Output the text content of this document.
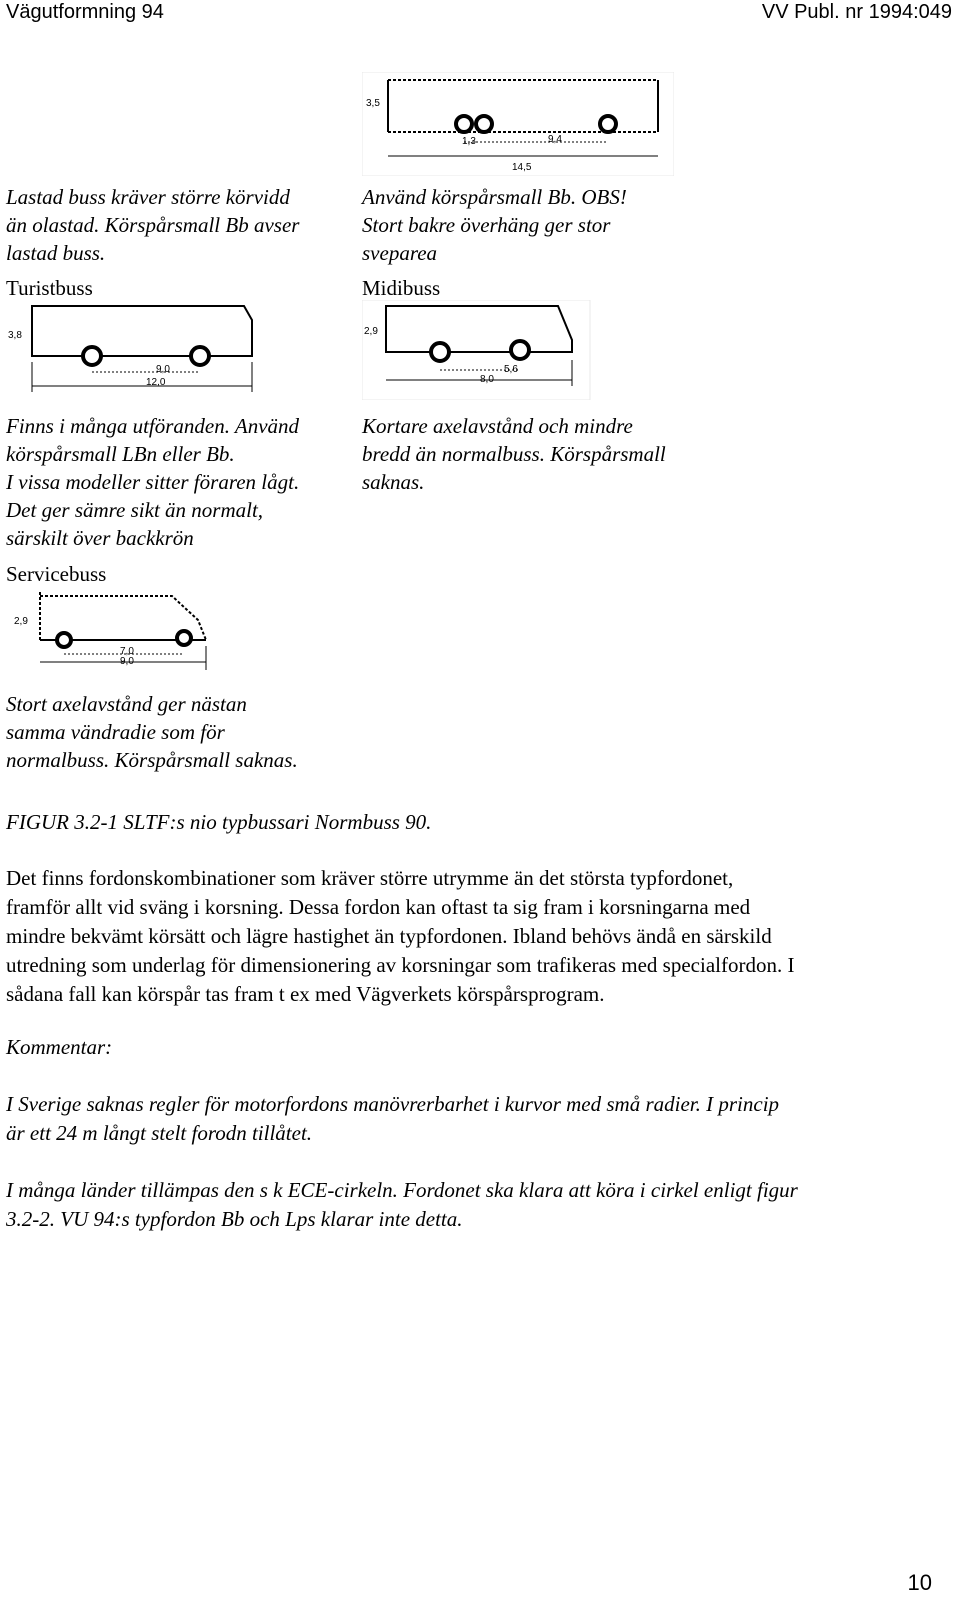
Vägutformning 94	VV Publ. nr 1994:049
3,5
1,3	9,4
14,5
Lastad buss kräver större körvidd
än olastad. Körspårsmall Bb avser
lastad buss.
Använd körspårsmall Bb. OBS!
Stort bakre överhäng ger stor
svepar​ea
Turistbuss	Midibuss
3,8
9,0
12,0
2,9
5,6
8,0
Finns i många utföranden. Använd
körspårsmall LBn eller Bb.
I vissa modeller sitter föraren lågt.
Det ger sämre sikt än normalt,
särskilt över backkrön
Kortare axelavstånd och mindre
bredd än normalbuss. Körspårsmall
saknas.
Servicebuss
2,9
7,0
9,0
Stort axelavstånd ger nästan
samma vändradie som för
normalbuss. Körspårsmall saknas.
FIGUR 3.2-1 SLTF:s nio typbussari Normbuss 90.
Det finns fordonskombinationer som kräver större utrymme än det största typfordonet,
framför allt vid sväng i korsning. Dessa fordon kan oftast ta sig fram i korsningarna med
mindre bekvämt körsätt och lägre hastighet än typfordonen. Ibland behövs ändå en särskild
utredning som underlag för dimensionering av korsningar som trafikeras med specialfordon. I
sådana fall kan körspår tas fram t ex med Vägverkets körspårsprogram.
Kommentar:
I Sverige saknas regler för motorfordons manövrerbarhet i kurvor med små radier. I princip
är ett 24 m långt stelt forodn tillåtet.
I många länder tillämpas den s k ECE-cirkeln. Fordonet ska klara att köra i cirkel enligt figur
3.2-2. VU 94:s typfordon Bb och Lps klarar inte detta.
10
